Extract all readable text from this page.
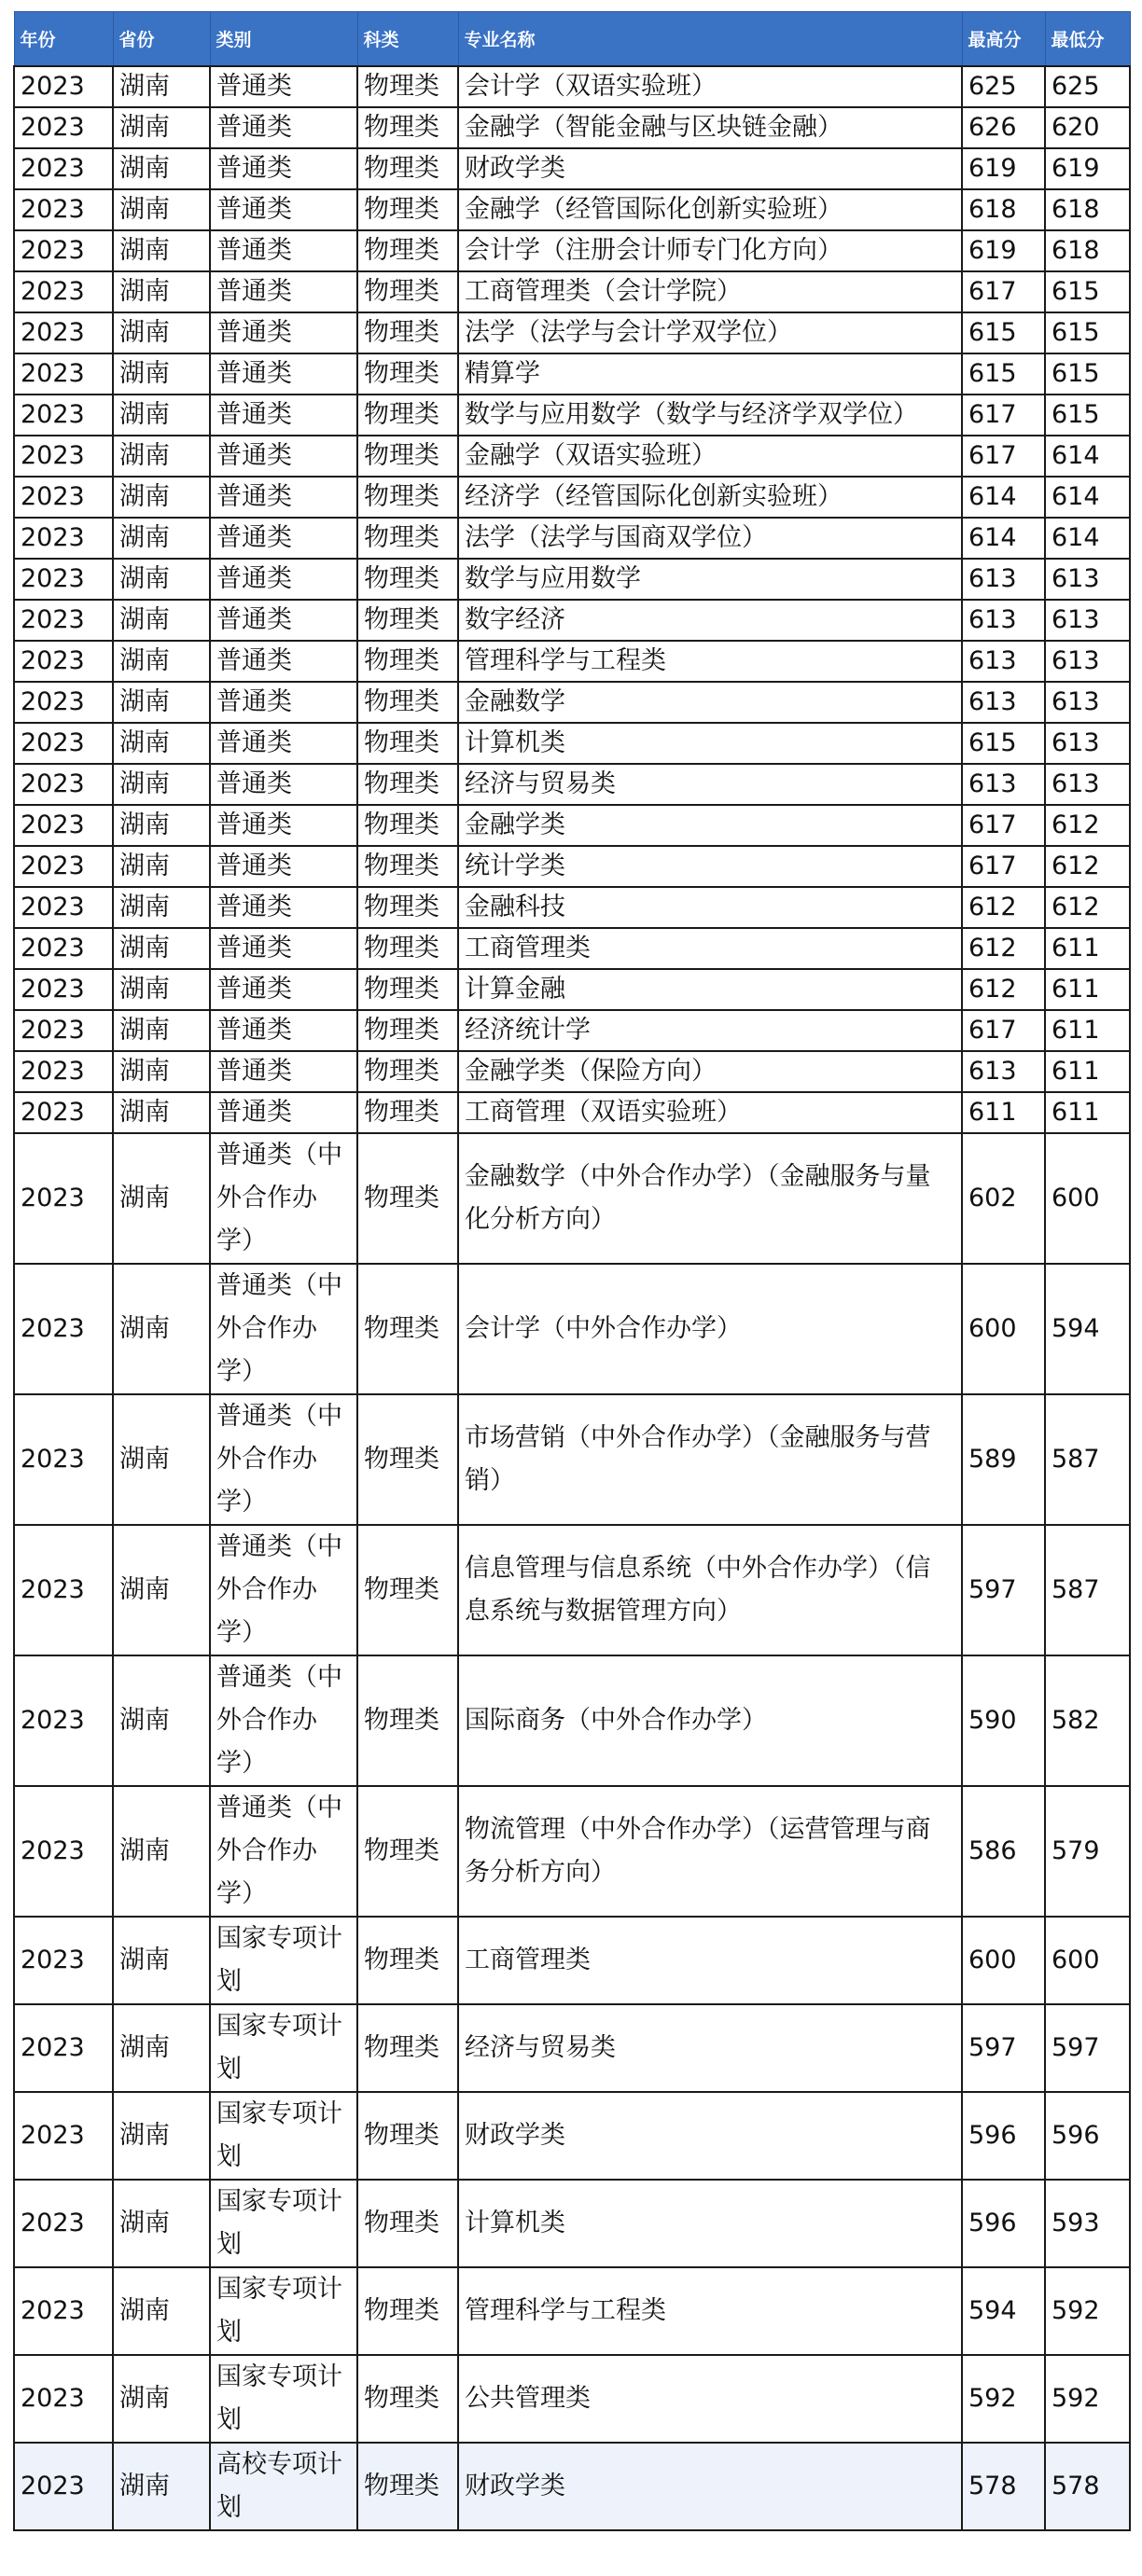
年份	省份	类别	科类	专业名称	最高分	最低分
2023	湖南	普通类	物理类	会计学（双语实验班）	625	625
2023	湖南	普通类	物理类	金融学（智能金融与区块链金融）	626	620
2023	湖南	普通类	物理类	财政学类	619	619
2023	湖南	普通类	物理类	金融学（经管国际化创新实验班）	618	618
2023	湖南	普通类	物理类	会计学（注册会计师专门化方向）	619	618
2023	湖南	普通类	物理类	工商管理类（会计学院）	617	615
2023	湖南	普通类	物理类	法学（法学与会计学双学位）	615	615
2023	湖南	普通类	物理类	精算学	615	615
2023	湖南	普通类	物理类	数学与应用数学（数学与经济学双学位）	617	615
2023	湖南	普通类	物理类	金融学（双语实验班）	617	614
2023	湖南	普通类	物理类	经济学（经管国际化创新实验班）	614	614
2023	湖南	普通类	物理类	法学（法学与国商双学位）	614	614
2023	湖南	普通类	物理类	数学与应用数学	613	613
2023	湖南	普通类	物理类	数字经济	613	613
2023	湖南	普通类	物理类	管理科学与工程类	613	613
2023	湖南	普通类	物理类	金融数学	613	613
2023	湖南	普通类	物理类	计算机类	615	613
2023	湖南	普通类	物理类	经济与贸易类	613	613
2023	湖南	普通类	物理类	金融学类	617	612
2023	湖南	普通类	物理类	统计学类	617	612
2023	湖南	普通类	物理类	金融科技	612	612
2023	湖南	普通类	物理类	工商管理类	612	611
2023	湖南	普通类	物理类	计算金融	612	611
2023	湖南	普通类	物理类	经济统计学	617	611
2023	湖南	普通类	物理类	金融学类（保险方向）	613	611
2023	湖南	普通类	物理类	工商管理（双语实验班）	611	611
2023	湖南	普通类（中外合作办学）	物理类	金融数学（中外合作办学）（金融服务与量化分析方向）	602	600
2023	湖南	普通类（中外合作办学）	物理类	会计学（中外合作办学）	600	594
2023	湖南	普通类（中外合作办学）	物理类	市场营销（中外合作办学）（金融服务与营销）	589	587
2023	湖南	普通类（中外合作办学）	物理类	信息管理与信息系统（中外合作办学）（信息系统与数据管理方向）	597	587
2023	湖南	普通类（中外合作办学）	物理类	国际商务（中外合作办学）	590	582
2023	湖南	普通类（中外合作办学）	物理类	物流管理（中外合作办学）（运营管理与商务分析方向）	586	579
2023	湖南	国家专项计划	物理类	工商管理类	600	600
2023	湖南	国家专项计划	物理类	经济与贸易类	597	597
2023	湖南	国家专项计划	物理类	财政学类	596	596
2023	湖南	国家专项计划	物理类	计算机类	596	593
2023	湖南	国家专项计划	物理类	管理科学与工程类	594	592
2023	湖南	国家专项计划	物理类	公共管理类	592	592
2023	湖南	高校专项计划	物理类	财政学类	578	578
